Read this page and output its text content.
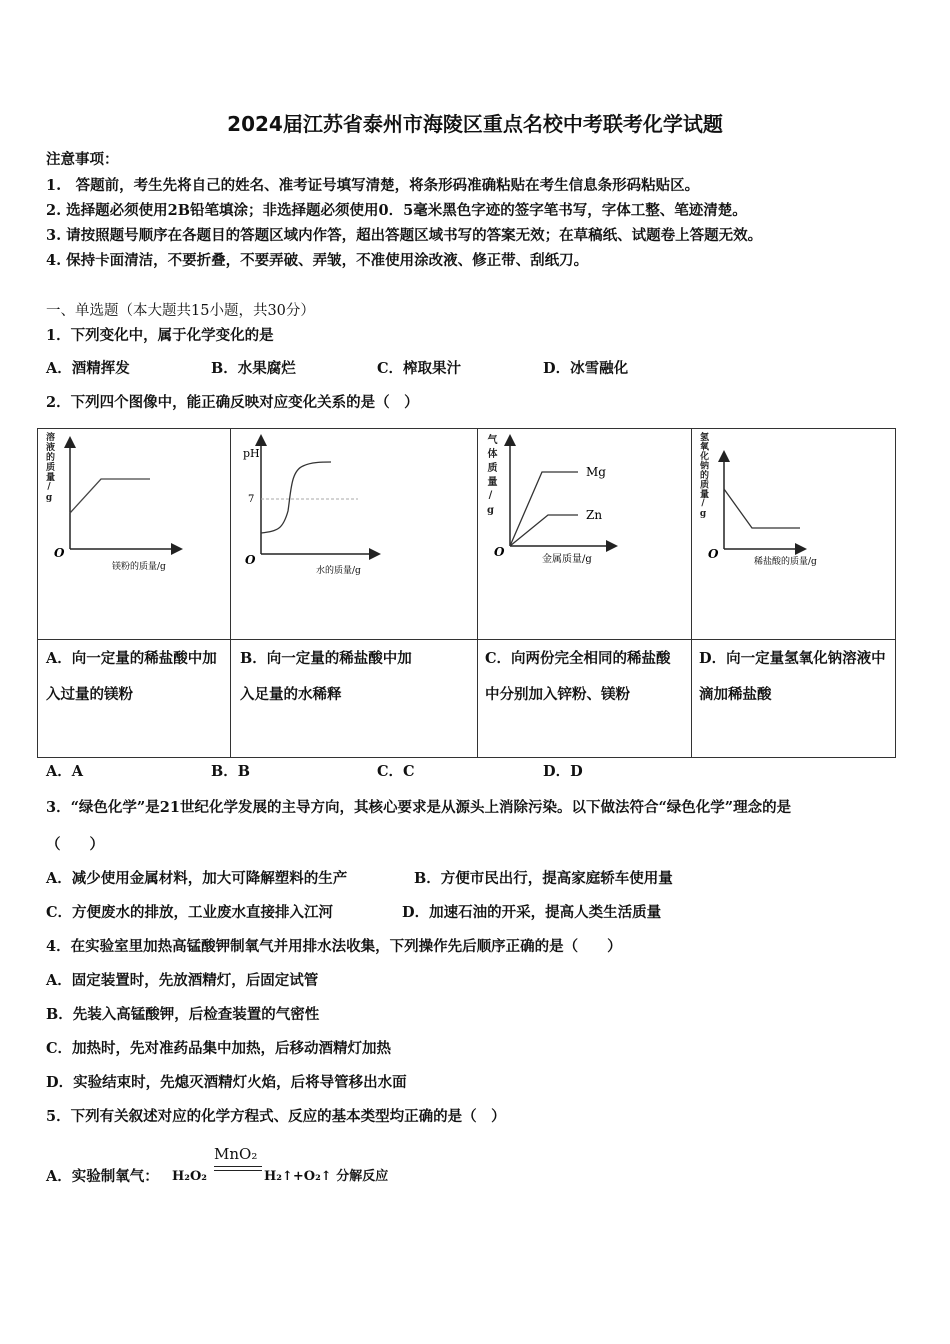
2024届江苏省泰州市海陵区重点名校中考联考化学试题
注意事项：
1.　答题前，考生先将自己的姓名、准考证号填写清楚，将条形码准确粘贴在考生信息条形码粘贴区。
2. 选择题必须使用2B铅笔填涂；非选择题必须使用0．5毫米黑色字迹的签字笔书写，字体工整、笔迹清楚。
3. 请按照题号顺序在各题目的答题区域内作答，超出答题区域书写的答案无效；在草稿纸、试题卷上答题无效。
4. 保持卡面清洁，不要折叠，不要弄破、弄皱，不准使用涂改液、修正带、刮纸刀。
一、单选题（本大题共15小题，共30分）
1．下列变化中，属于化学变化的是
A．酒精挥发	B．水果腐烂	C．榨取果汁	D．冰雪融化
2．下列四个图像中，能正确反映对应变化关系的是（　）
O
镁粉的质量/g
溶液的质量/g	pH
7
O
水的质量/g
Mg
Zn
O
金属质量/g
气体质量/g
O
稀盐酸的质量/g
氢氧化钠的质量/g
A．向一定量的稀盐酸中加入过量的镁粉
B．向一定量的稀盐酸中加入足量的水稀释
C．向两份完全相同的稀盐酸中分别加入锌粉、镁粉
D．向一定量氢氧化钠溶液中滴加稀盐酸
A．A	B．B	C．C	D．D
3．“绿色化学”是21世纪化学发展的主导方向，其核心要求是从源头上消除污染。以下做法符合“绿色化学”理念的是
（　　）
A．减少使用金属材料，加大可降解塑料的生产	B．方便市民出行，提高家庭轿车使用量
C．方便废水的排放，工业废水直接排入江河	D．加速石油的开采，提高人类生活质量
4．在实验室里加热高锰酸钾制氧气并用排水法收集，下列操作先后顺序正确的是（　　）
A．固定装置时，先放酒精灯，后固定试管
B．先装入高锰酸钾，后检查装置的气密性
C．加热时，先对准药品集中加热，后移动酒精灯加热
D．实验结束时，先熄灭酒精灯火焰，后将导管移出水面
5．下列有关叙述对应的化学方程式、反应的基本类型均正确的是（　）
MnO₂
A．实验制氧气： H₂O₂	H₂↑+O₂↑ 分解反应
